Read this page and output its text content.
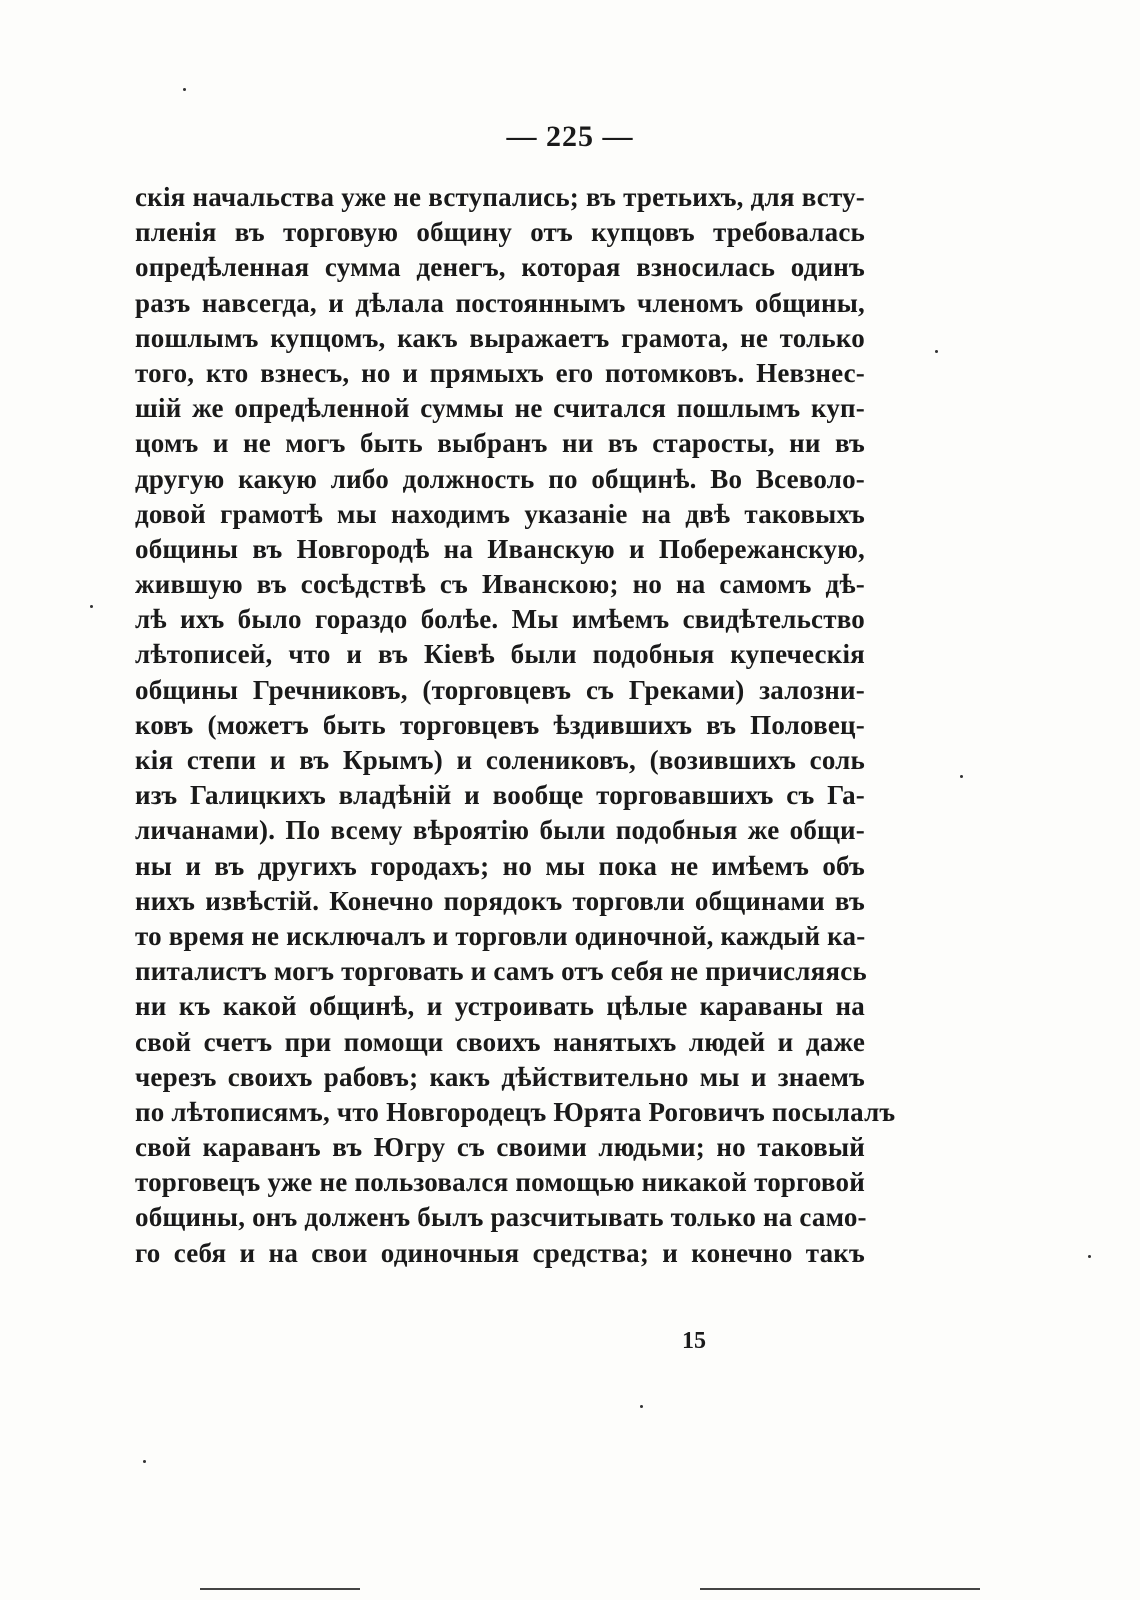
— 225 —
скія начальства уже не вступались; въ третьихъ, для всту-
пленія въ торговую общину отъ купцовъ требовалась
опредѣленная сумма денегъ, которая взносилась одинъ
разъ навсегда, и дѣлала постояннымъ членомъ общины,
пошлымъ купцомъ, какъ выражаетъ грамота, не только
того, кто взнесъ, но и прямыхъ его потомковъ. Невзнес-
шій же опредѣленной суммы не считался пошлымъ куп-
цомъ и не могъ быть выбранъ ни въ старосты, ни въ
другую какую либо должность по общинѣ. Во Всеволо-
довой грамотѣ мы находимъ указаніе на двѣ таковыхъ
общины въ Новгородѣ на Иванскую и Побережанскую,
жившую въ сосѣдствѣ съ Иванскою; но на самомъ дѣ-
лѣ ихъ было гораздо болѣе. Мы имѣемъ свидѣтельство
лѣтописей, что и въ Кіевѣ были подобныя купеческія
общины Гречниковъ, (торговцевъ съ Греками) залозни-
ковъ (можетъ быть торговцевъ ѣздившихъ въ Половец-
кія степи и въ Крымъ) и солениковъ, (возившихъ соль
изъ Галицкихъ владѣній и вообще торговавшихъ съ Га-
личанами). По всему вѣроятію были подобныя же общи-
ны и въ другихъ городахъ; но мы пока не имѣемъ объ
нихъ извѣстій. Конечно порядокъ торговли общинами въ
то время не исключалъ и торговли одиночной, каждый ка-
питалистъ могъ торговать и самъ отъ себя не причисляясь
ни къ какой общинѣ, и устроивать цѣлые караваны на
свой счетъ при помощи своихъ нанятыхъ людей и даже
черезъ своихъ рабовъ; какъ дѣйствительно мы и знаемъ
по лѣтописямъ, что Новгородецъ Юрята Роговичъ посылалъ
свой караванъ въ Югру съ своими людьми; но таковый
торговецъ уже не пользовался помощью никакой торговой
общины, онъ долженъ былъ разсчитывать только на само-
го себя и на свои одиночныя средства; и конечно такъ
15
